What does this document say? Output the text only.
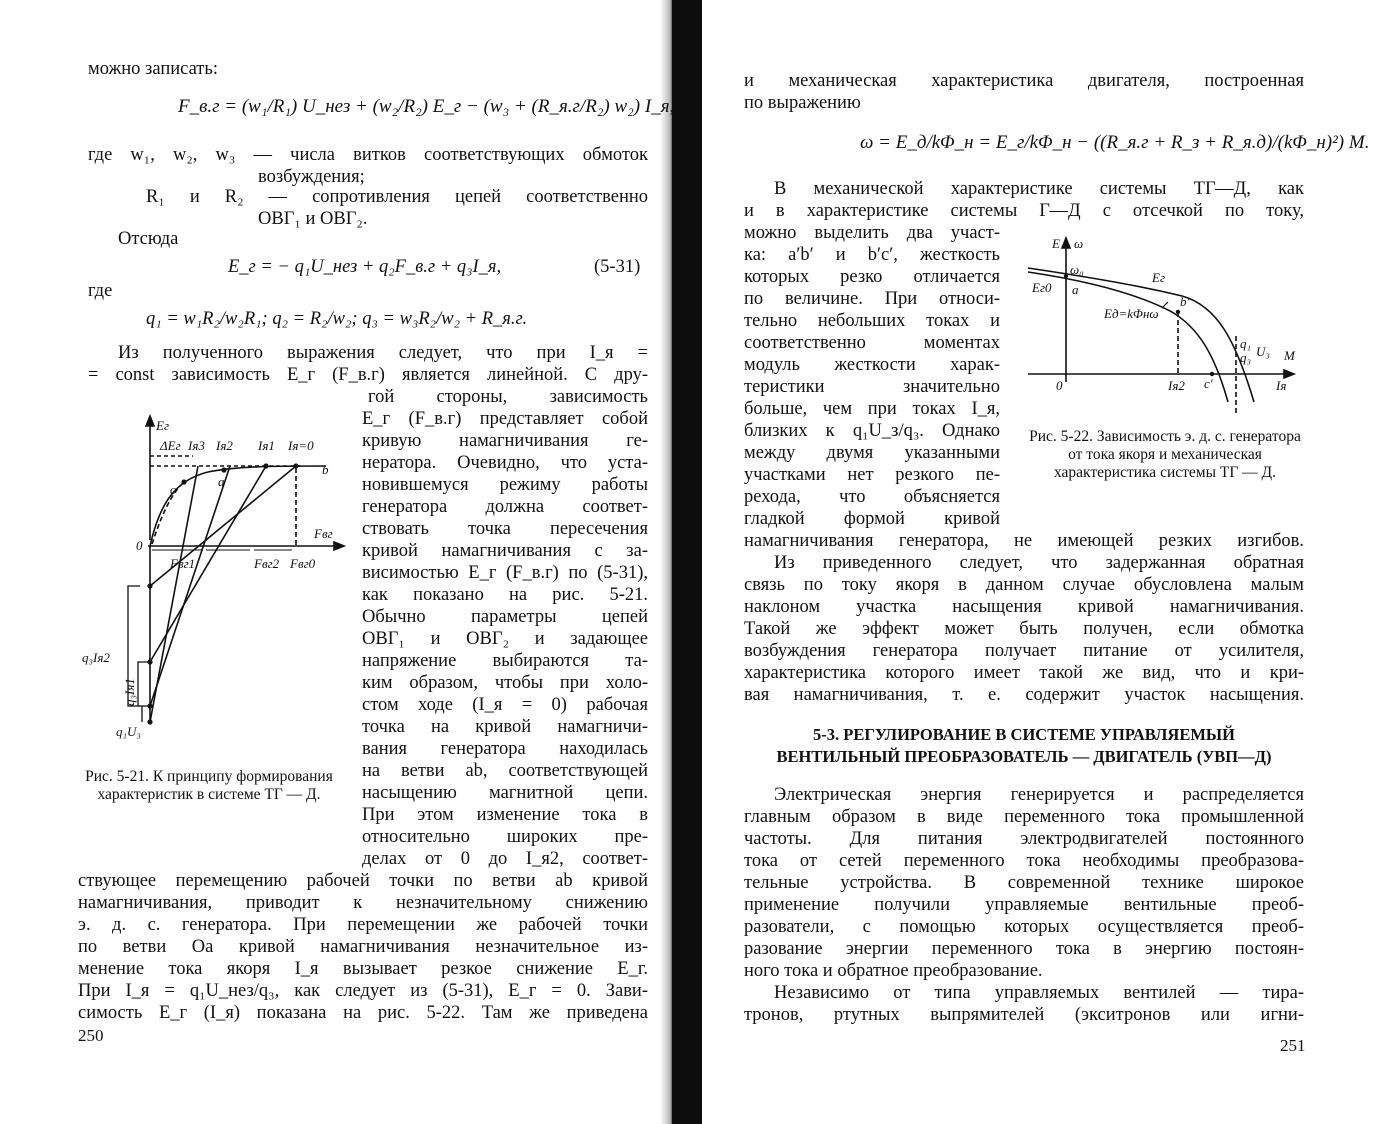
можно записать:
F_в.г = (w₁/R₁) U_нез + (w₂/R₂) E_г − (w₃ + (R_я.г/R₂) w₂) I_я,
где w₁, w₂, w₃ — числа витков соответствующих обмоток
возбуждения;
R₁ и R₂ — сопротивления цепей соответственно
ОВГ₁ и ОВГ₂.
Отсюда
E_г = − q₁U_нез + q₂F_в.г + q₃I_я,	(5-31)
где
q₁ = w₁R₂/w₂R₁; q₂ = R₂/w₂; q₃ = w₃R₂/w₂ + R_я.г.
Из полученного выражения следует, что при I_я =
= const зависимость E_г (F_в.г) является линейной. С дру-
гой стороны, зависимость
E_г (F_в.г) представляет собой
кривую намагничивания ге-
нератора. Очевидно, что уста-
новившемуся режиму работы
генератора должна соответ-
ствовать точка пересечения
кривой намагничивания с за-
висимостью E_г (F_в.г) по (5-31),
как показано на рис. 5-21.
Обычно параметры цепей
ОВГ₁ и ОВГ₂ и задающее
напряжение выбираются та-
ким образом, чтобы при холо-
стом ходе (I_я = 0) рабочая
точка на кривой намагничи-
вания генератора находилась
на ветви ab, соответствующей
насыщению магнитной цепи.
При этом изменение тока в
относительно широких пре-
делах от 0 до I_я2, соответ-
ствующее перемещению рабочей точки по ветви ab кривой
намагничивания, приводит к незначительному снижению
э. д. с. генератора. При перемещении же рабочей точки
по ветви Oa кривой намагничивания незначительное из-
менение тока якоря I_я вызывает резкое снижение E_г.
При I_я = q₁U_нез/q₃, как следует из (5-31), E_г = 0. Зави-
симость E_г (I_я) показана на рис. 5-22. Там же приведена
Eг
ΔEг Iя3 Iя2 Iя1 Iя=0
a
b
c
0
Fвг
Fвг1	Fвг2 Fвг0
q₃Iя2
q₃Iя1
q₁U₃
Рис. 5-21. К принципу формирования характеристик в системе ТГ — Д.
250
и механическая характеристика двигателя, построенная
по выражению
ω = E_д/kΦ_н = E_г/kΦ_н − ((R_я.г + R_з + R_я.д)/(kΦ_н)²) M.
В механической характеристике системы ТГ—Д, как
и в характеристике системы Г—Д с отсечкой по току,
можно выделить два участ-
ка: a′b′ и b′c′, жесткость
которых резко отличается
по величине. При относи-
тельно небольших токах и
соответственно моментах
модуль жесткости харак-
теристики значительно
больше, чем при токах I_я,
близких к q₁U_з/q₃. Однако
между двумя указанными
участками нет резкого пе-
рехода, что объясняется
гладкой формой кривой
намагничивания генератора, не имеющей резких изгибов.
Из приведенного следует, что задержанная обратная
связь по току якоря в данном случае обусловлена малым
наклоном участка насыщения кривой намагничивания.
Такой же эффект может быть получен, если обмотка
возбуждения генератора получает питание от усилителя,
характеристика которого имеет такой же вид, что и кри-
вая намагничивания, т. е. содержит участок насыщения.
5-3. РЕГУЛИРОВАНИЕ В СИСТЕМЕ УПРАВЛЯЕМЫЙ
ВЕНТИЛЬНЫЙ ПРЕОБРАЗОВАТЕЛЬ — ДВИГАТЕЛЬ (УВП—Д)
Электрическая энергия генерируется и распределяется
главным образом в виде переменного тока промышленной
частоты. Для питания электродвигателей постоянного
тока от сетей переменного тока необходимы преобразова-
тельные устройства. В современной технике широкое
применение получили управляемые вентильные преоб-
разователи, с помощью которых осуществляется преоб-
разование энергии переменного тока в энергию постоян-
ного тока и обратное преобразование.
Независимо от типа управляемых вентилей — тира-
тронов, ртутных выпрямителей (экситронов или игни-
E ω
ω₀
Eг0 a
Eг
b′
Eд=kΦнω
q₁
q₃ U₃ M
0	Iя2 c′	Iя
Рис. 5-22. Зависимость э. д. с. генератора от тока якоря и механическая характеристика системы ТГ — Д.
251
